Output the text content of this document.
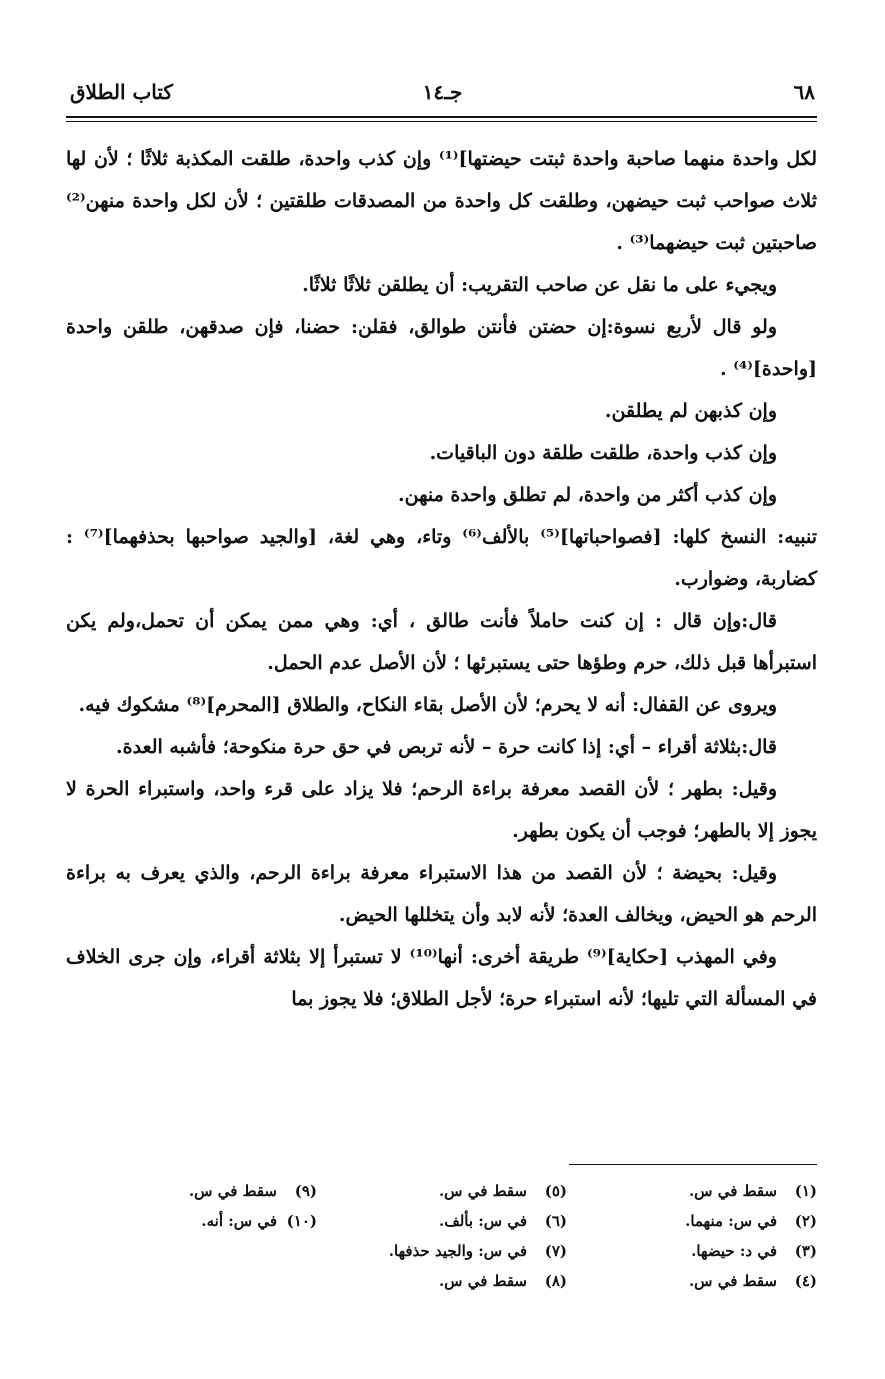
٦٨
جـ١٤
كتاب الطلاق

لكل واحدة منهما صاحبة واحدة ثبتت حيضتها]⁽¹⁾ وإن كذب واحدة، طلقت المكذبة ثلاثًا ؛ لأن لها ثلاث صواحب ثبت حيضهن، وطلقت كل واحدة من المصدقات طلقتين ؛ لأن لكل واحدة منهن⁽²⁾ صاحبتين ثبت حيضهما⁽³⁾ .

ويجيء على ما نقل عن صاحب التقريب: أن يطلقن ثلاثًا ثلاثًا.

ولو قال لأربع نسوة:إن حضتن فأنتن طوالق، فقلن: حضنا، فإن صدقهن، طلقن واحدة [واحدة]⁽⁴⁾ .

وإن كذبهن لم يطلقن.

وإن كذب واحدة، طلقت طلقة دون الباقيات.

وإن كذب أكثر من واحدة، لم تطلق واحدة منهن.

تنبيه: النسخ كلها: [فصواحباتها]⁽⁵⁾ بالألف⁽⁶⁾ وتاء، وهي لغة، [والجيد صواحبها بحذفهما]⁽⁷⁾ : كضاربة، وضوارب.

قال:وإن قال : إن كنت حاملاً فأنت طالق ، أي: وهي ممن يمكن أن تحمل،ولم يكن استبرأها قبل ذلك، حرم وطؤها حتى يستبرئها ؛ لأن الأصل عدم الحمل.

ويروى عن القفال: أنه لا يحرم؛ لأن الأصل بقاء النكاح، والطلاق [المحرم]⁽⁸⁾ مشكوك فيه.

قال:بثلاثة أقراء – أي: إذا كانت حرة – لأنه تربص في حق حرة منكوحة؛ فأشبه العدة.

وقيل: بطهر ؛ لأن القصد معرفة براءة الرحم؛ فلا يزاد على قرء واحد، واستبراء الحرة لا يجوز إلا بالطهر؛ فوجب أن يكون بطهر.

وقيل: بحيضة ؛ لأن القصد من هذا الاستبراء معرفة براءة الرحم، والذي يعرف به براءة الرحم هو الحيض، ويخالف العدة؛ لأنه لابد وأن يتخللها الحيض.

وفي المهذب [حكاية]⁽⁹⁾ طريقة أخرى: أنها⁽¹⁰⁾ لا تستبرأ إلا بثلاثة أقراء، وإن جرى الخلاف في المسألة التي تليها؛ لأنه استبراء حرة؛ لأجل الطلاق؛ فلا يجوز بما

(١)سقط في س.
(٢)في س: منهما.
(٣)في د: حيضها.
(٤)سقط في س.
(٥)سقط في س.
(٦)في س: بألف.
(٧)في س: والجيد حذفها.
(٨)سقط في س.
(٩)سقط في س.
(١٠)في س: أنه.
